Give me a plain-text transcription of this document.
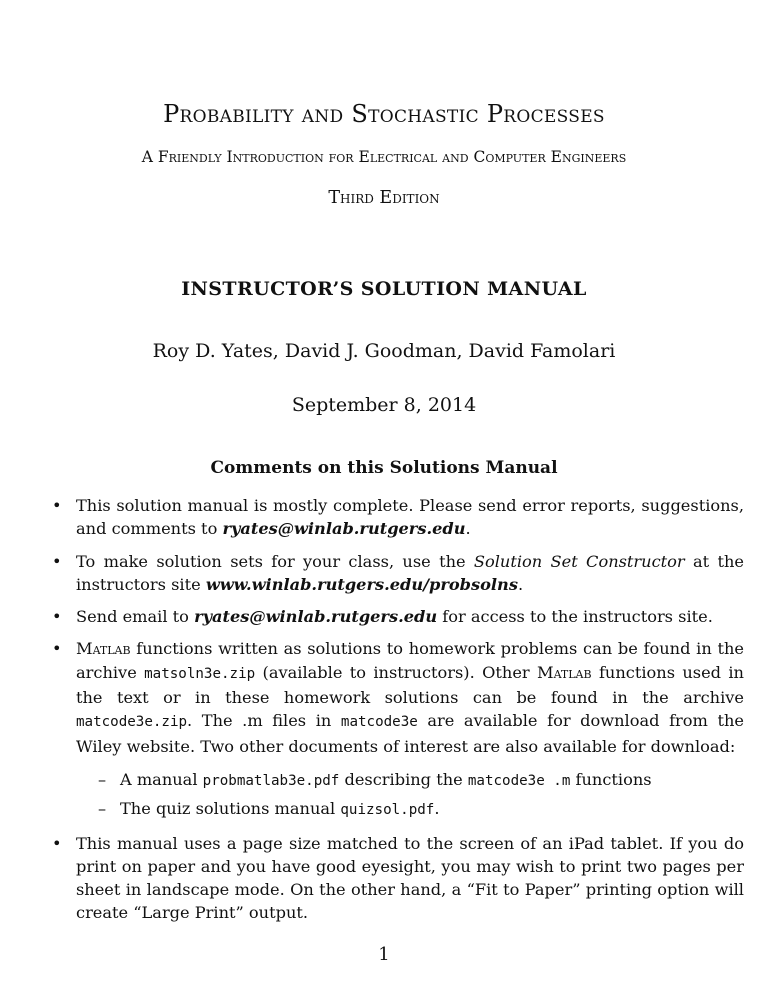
Probability and Stochastic Processes
A Friendly Introduction for Electrical and Computer Engineers
Third Edition
INSTRUCTOR’S SOLUTION MANUAL
Roy D. Yates, David J. Goodman, David Famolari
September 8, 2014
Comments on this Solutions Manual
• This solution manual is mostly complete. Please send error reports, suggestions, and comments to ryates@winlab.rutgers.edu.
• To make solution sets for your class, use the Solution Set Constructor at the instructors site www.winlab.rutgers.edu/probsolns.
• Send email to ryates@winlab.rutgers.edu for access to the instructors site.
• Matlab functions written as solutions to homework problems can be found in the archive matsoln3e.zip (available to instructors). Other Matlab functions used in the text or in these homework solutions can be found in the archive matcode3e.zip. The .m files in matcode3e are available for download from the Wiley website. Two other documents of interest are also available for download:
– A manual probmatlab3e.pdf describing the matcode3e .m functions
– The quiz solutions manual quizsol.pdf.
• This manual uses a page size matched to the screen of an iPad tablet. If you do print on paper and you have good eyesight, you may wish to print two pages per sheet in landscape mode. On the other hand, a “Fit to Paper” printing option will create “Large Print” output.
1
